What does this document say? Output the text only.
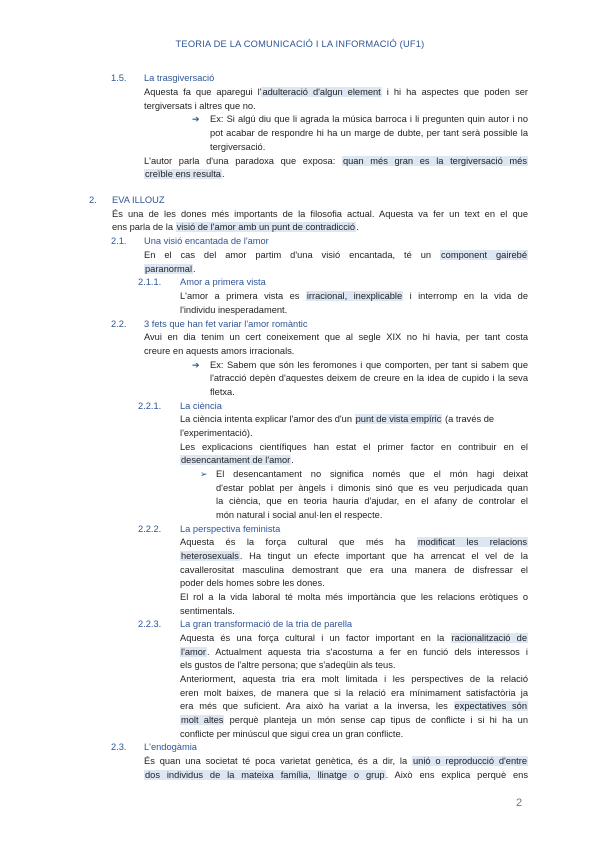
TEORIA DE LA COMUNICACIÓ I LA INFORMACIÓ (UF1)
1.5. La trasgiversació
Aquesta fa que aparegui l'adulteració d'algun element i hi ha aspectes que poden ser
tergiversats i altres que no.
➔ Ex: Si algú diu que li agrada la música barroca i li pregunten quin autor i no
pot acabar de respondre hi ha un marge de dubte, per tant serà possible la
tergiversació.
L'autor parla d'una paradoxa que exposa: quan més gran es la tergiversació més
creïble ens resulta.
2. EVA ILLOUZ
És una de les dones més importants de la filosofia actual. Aquesta va fer un text en el que
ens parla de la visió de l'amor amb un punt de contradicció.
2.1. Una visió encantada de l'amor
En el cas del amor partim d'una visió encantada, té un component gairebé
paranormal.
2.1.1. Amor a primera vista
L'amor a primera vista es irracional, inexplicable i interromp en la vida de
l'individu inesperadament.
2.2. 3 fets que han fet variar l'amor romàntic
Avui en dia tenim un cert coneixement que al segle XIX no hi havia, per tant costa
creure en aquests amors irracionals.
➔ Ex: Sabem que són les feromones i que comporten, per tant si sabem que
l'atracció depèn d'aquestes deixem de creure en la idea de cupido i la seva
fletxa.
2.2.1. La ciència
La ciència intenta explicar l'amor des d'un punt de vista empíric (a través de
l'experimentació).
Les explicacions científiques han estat el primer factor en contribuir en el
desencantament de l'amor.
➢ El desencantament no significa només que el món hagi deixat
d'estar poblat per àngels i dimonis sinó que es veu perjudicada quan
la ciència, que en teoria hauria d'ajudar, en el afany de controlar el
món natural i social anul·len el respecte.
2.2.2. La perspectiva feminista
Aquesta és la força cultural que més ha modificat les relacions
heterosexuals. Ha tingut un efecte important que ha arrencat el vel de la
cavallerositat masculina demostrant que era una manera de disfressar el
poder dels homes sobre les dones.
El rol a la vida laboral té molta més importància que les relacions eròtiques o
sentimentals.
2.2.3. La gran transformació de la tria de parella
Aquesta és una força cultural i un factor important en la racionalització de
l'amor. Actualment aquesta tria s'acostuma a fer en funció dels interessos i
els gustos de l'altre persona; que s'adeqüin als teus.
Anteriorment, aquesta tria era molt limitada i les perspectives de la relació
eren molt baixes, de manera que si la relació era mínimament satisfactòria ja
era més que suficient. Ara això ha variat a la inversa, les expectatives són
molt altes perquè planteja un món sense cap tipus de conflicte i si hi ha un
conflicte per minúscul que sigui crea un gran conflicte.
2.3. L'endogàmia
És quan una societat té poca varietat genètica, és a dir, la unió o reproducció d'entre
dos individus de la mateixa família, llinatge o grup. Això ens explica perquè ens
2
